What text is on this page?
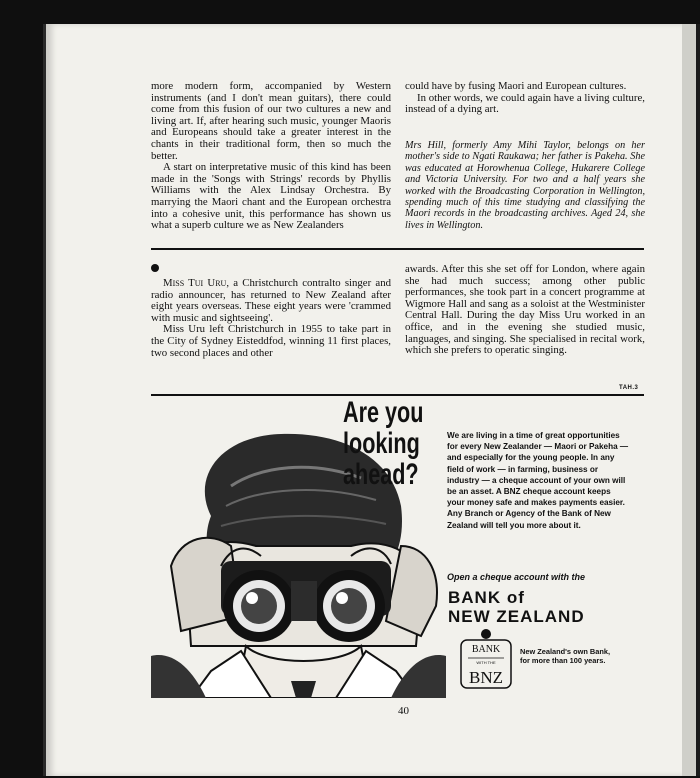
more modern form, accompanied by Western instruments (and I don't mean guitars), there could come from this fusion of our two cultures a new and living art. If, after hearing such music, younger Maoris and Europeans should take a greater interest in the chants in their traditional form, then so much the better.

A start on interpretative music of this kind has been made in the 'Songs with Strings' records by Phyllis Williams with the Alex Lindsay Orchestra. By marrying the Maori chant and the European orchestra into a cohesive unit, this performance has shown us what a superb culture we as New Zealanders

could have by fusing Maori and European cultures.

In other words, we could again have a living culture, instead of a dying art.

Mrs Hill, formerly Amy Mihi Taylor, belongs on her mother's side to Ngati Raukawa; her father is Pakeha. She was educated at Horowhenua College, Hukarere College and Victoria University. For two and a half years she worked with the Broadcasting Corporation in Wellington, spending much of this time studying and classifying the Maori records in the broadcasting archives. Aged 24, she lives in Wellington.

Miss Tui Uru, a Christchurch contralto singer and radio announcer, has returned to New Zealand after eight years overseas. These eight years were 'crammed with music and sightseeing'.

Miss Uru left Christchurch in 1955 to take part in the City of Sydney Eisteddfod, winning 11 first places, two second places and other

awards. After this she set off for London, where again she had much success; among other public performances, she took part in a concert programme at Wigmore Hall and sang as a soloist at the Westminister Central Hall. During the day Miss Uru worked in an office, and in the evening she studied music, languages, and singing. She specialised in recital work, which she prefers to operatic singing.

TAH.3
Are you
looking
ahead?

We are living in a time of great opportunities for every New Zealander — Maori or Pakeha — and especially for the young people. In any field of work — in farming, business or industry — a cheque account of your own will be an asset. A BNZ cheque account keeps your money safe and makes payments easier. Any Branch or Agency of the Bank of New Zealand will tell you more about it.

Open a cheque account with the
BANK of
NEW ZEALAND
BANK
WITH THE
BNZ
New Zealand's own Bank,
for more than 100 years.
40
